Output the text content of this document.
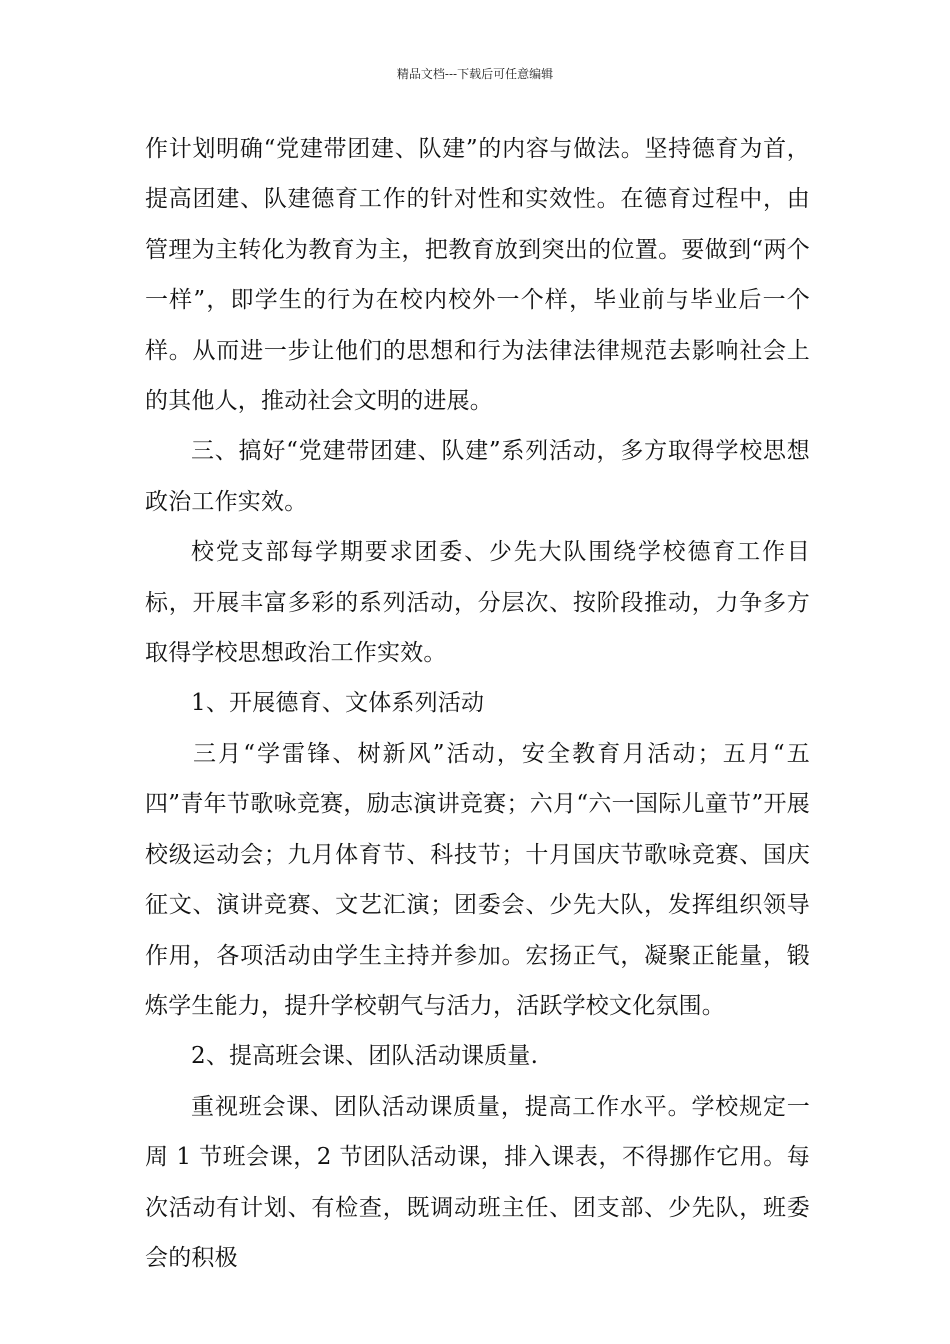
精品文档---下载后可任意编辑

作计划明确“党建带团建、队建”的内容与做法。坚持德育为首，提高团建、队建德育工作的针对性和实效性。在德育过程中，由管理为主转化为教育为主，把教育放到突出的位置。要做到“两个一样”，即学生的行为在校内校外一个样，毕业前与毕业后一个样。从而进一步让他们的思想和行为法律法律规范去影响社会上的其他人，推动社会文明的进展。

三、搞好“党建带团建、队建”系列活动，多方取得学校思想政治工作实效。

校党支部每学期要求团委、少先大队围绕学校德育工作目标，开展丰富多彩的系列活动，分层次、按阶段推动，力争多方取得学校思想政治工作实效。

1、开展德育、文体系列活动

三月“学雷锋、树新风”活动，安全教育月活动；五月“五四”青年节歌咏竞赛，励志演讲竞赛；六月“六一国际儿童节”开展校级运动会；九月体育节、科技节；十月国庆节歌咏竞赛、国庆征文、演讲竞赛、文艺汇演；团委会、少先大队，发挥组织领导作用，各项活动由学生主持并参加。宏扬正气，凝聚正能量，锻炼学生能力，提升学校朝气与活力，活跃学校文化氛围。

2、提高班会课、团队活动课质量.

重视班会课、团队活动课质量，提高工作水平。学校规定一周 1 节班会课，2 节团队活动课，排入课表，不得挪作它用。每次活动有计划、有检查，既调动班主任、团支部、少先队，班委会的积极
